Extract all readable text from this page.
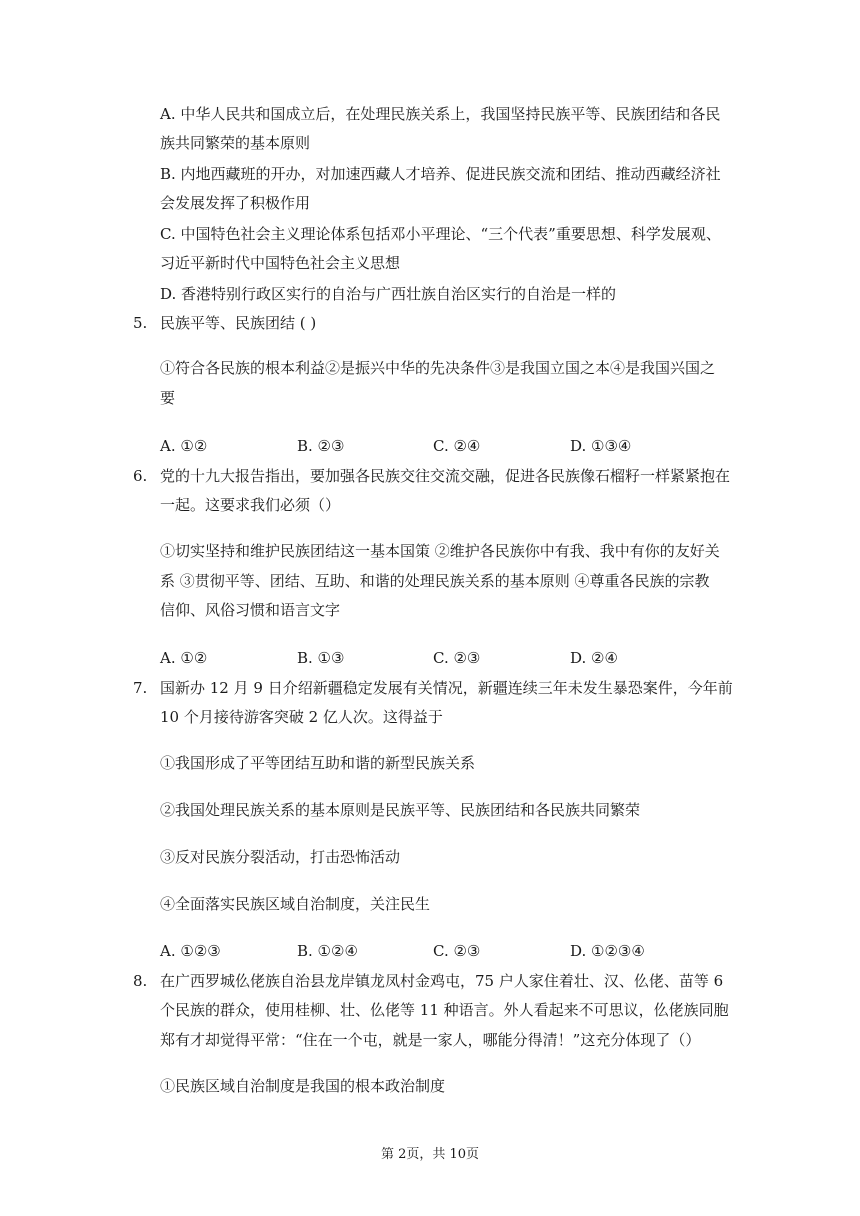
A. 中华人民共和国成立后，在处理民族关系上，我国坚持民族平等、民族团结和各民
族共同繁荣的基本原则
B. 内地西藏班的开办，对加速西藏人才培养、促进民族交流和团结、推动西藏经济社
会发展发挥了积极作用
C. 中国特色社会主义理论体系包括邓小平理论、“三个代表”重要思想、科学发展观、
习近平新时代中国特色社会主义思想
D. 香港特别行政区实行的自治与广西壮族自治区实行的自治是一样的
5. 民族平等、民族团结 ( )
①符合各民族的根本利益②是振兴中华的先决条件③是我国立国之本④是我国兴国之
要
A. ①②	B. ②③	C. ②④	D. ①③④
6. 党的十九大报告指出，要加强各民族交往交流交融，促进各民族像石榴籽一样紧紧抱在
一起。这要求我们必须（）
①切实坚持和维护民族团结这一基本国策 ②维护各民族你中有我、我中有你的友好关
系 ③贯彻平等、团结、互助、和谐的处理民族关系的基本原则 ④尊重各民族的宗教
信仰、风俗习惯和语言文字
A. ①②	B. ①③	C. ②③	D. ②④
7. 国新办 12 月 9 日介绍新疆稳定发展有关情况，新疆连续三年未发生暴恐案件，今年前
10 个月接待游客突破 2 亿人次。这得益于
①我国形成了平等团结互助和谐的新型民族关系
②我国处理民族关系的基本原则是民族平等、民族团结和各民族共同繁荣
③反对民族分裂活动，打击恐怖活动
④全面落实民族区域自治制度，关注民生
A. ①②③	B. ①②④	C. ②③	D. ①②③④
8. 在广西罗城仫佬族自治县龙岸镇龙凤村金鸡屯，75 户人家住着壮、汉、仫佬、苗等 6
个民族的群众，使用桂柳、壮、仫佬等 11 种语言。外人看起来不可思议，仫佬族同胞
郑有才却觉得平常：“住在一个屯，就是一家人，哪能分得清！”这充分体现了（）
①民族区域自治制度是我国的根本政治制度
第 2页，共 10页
